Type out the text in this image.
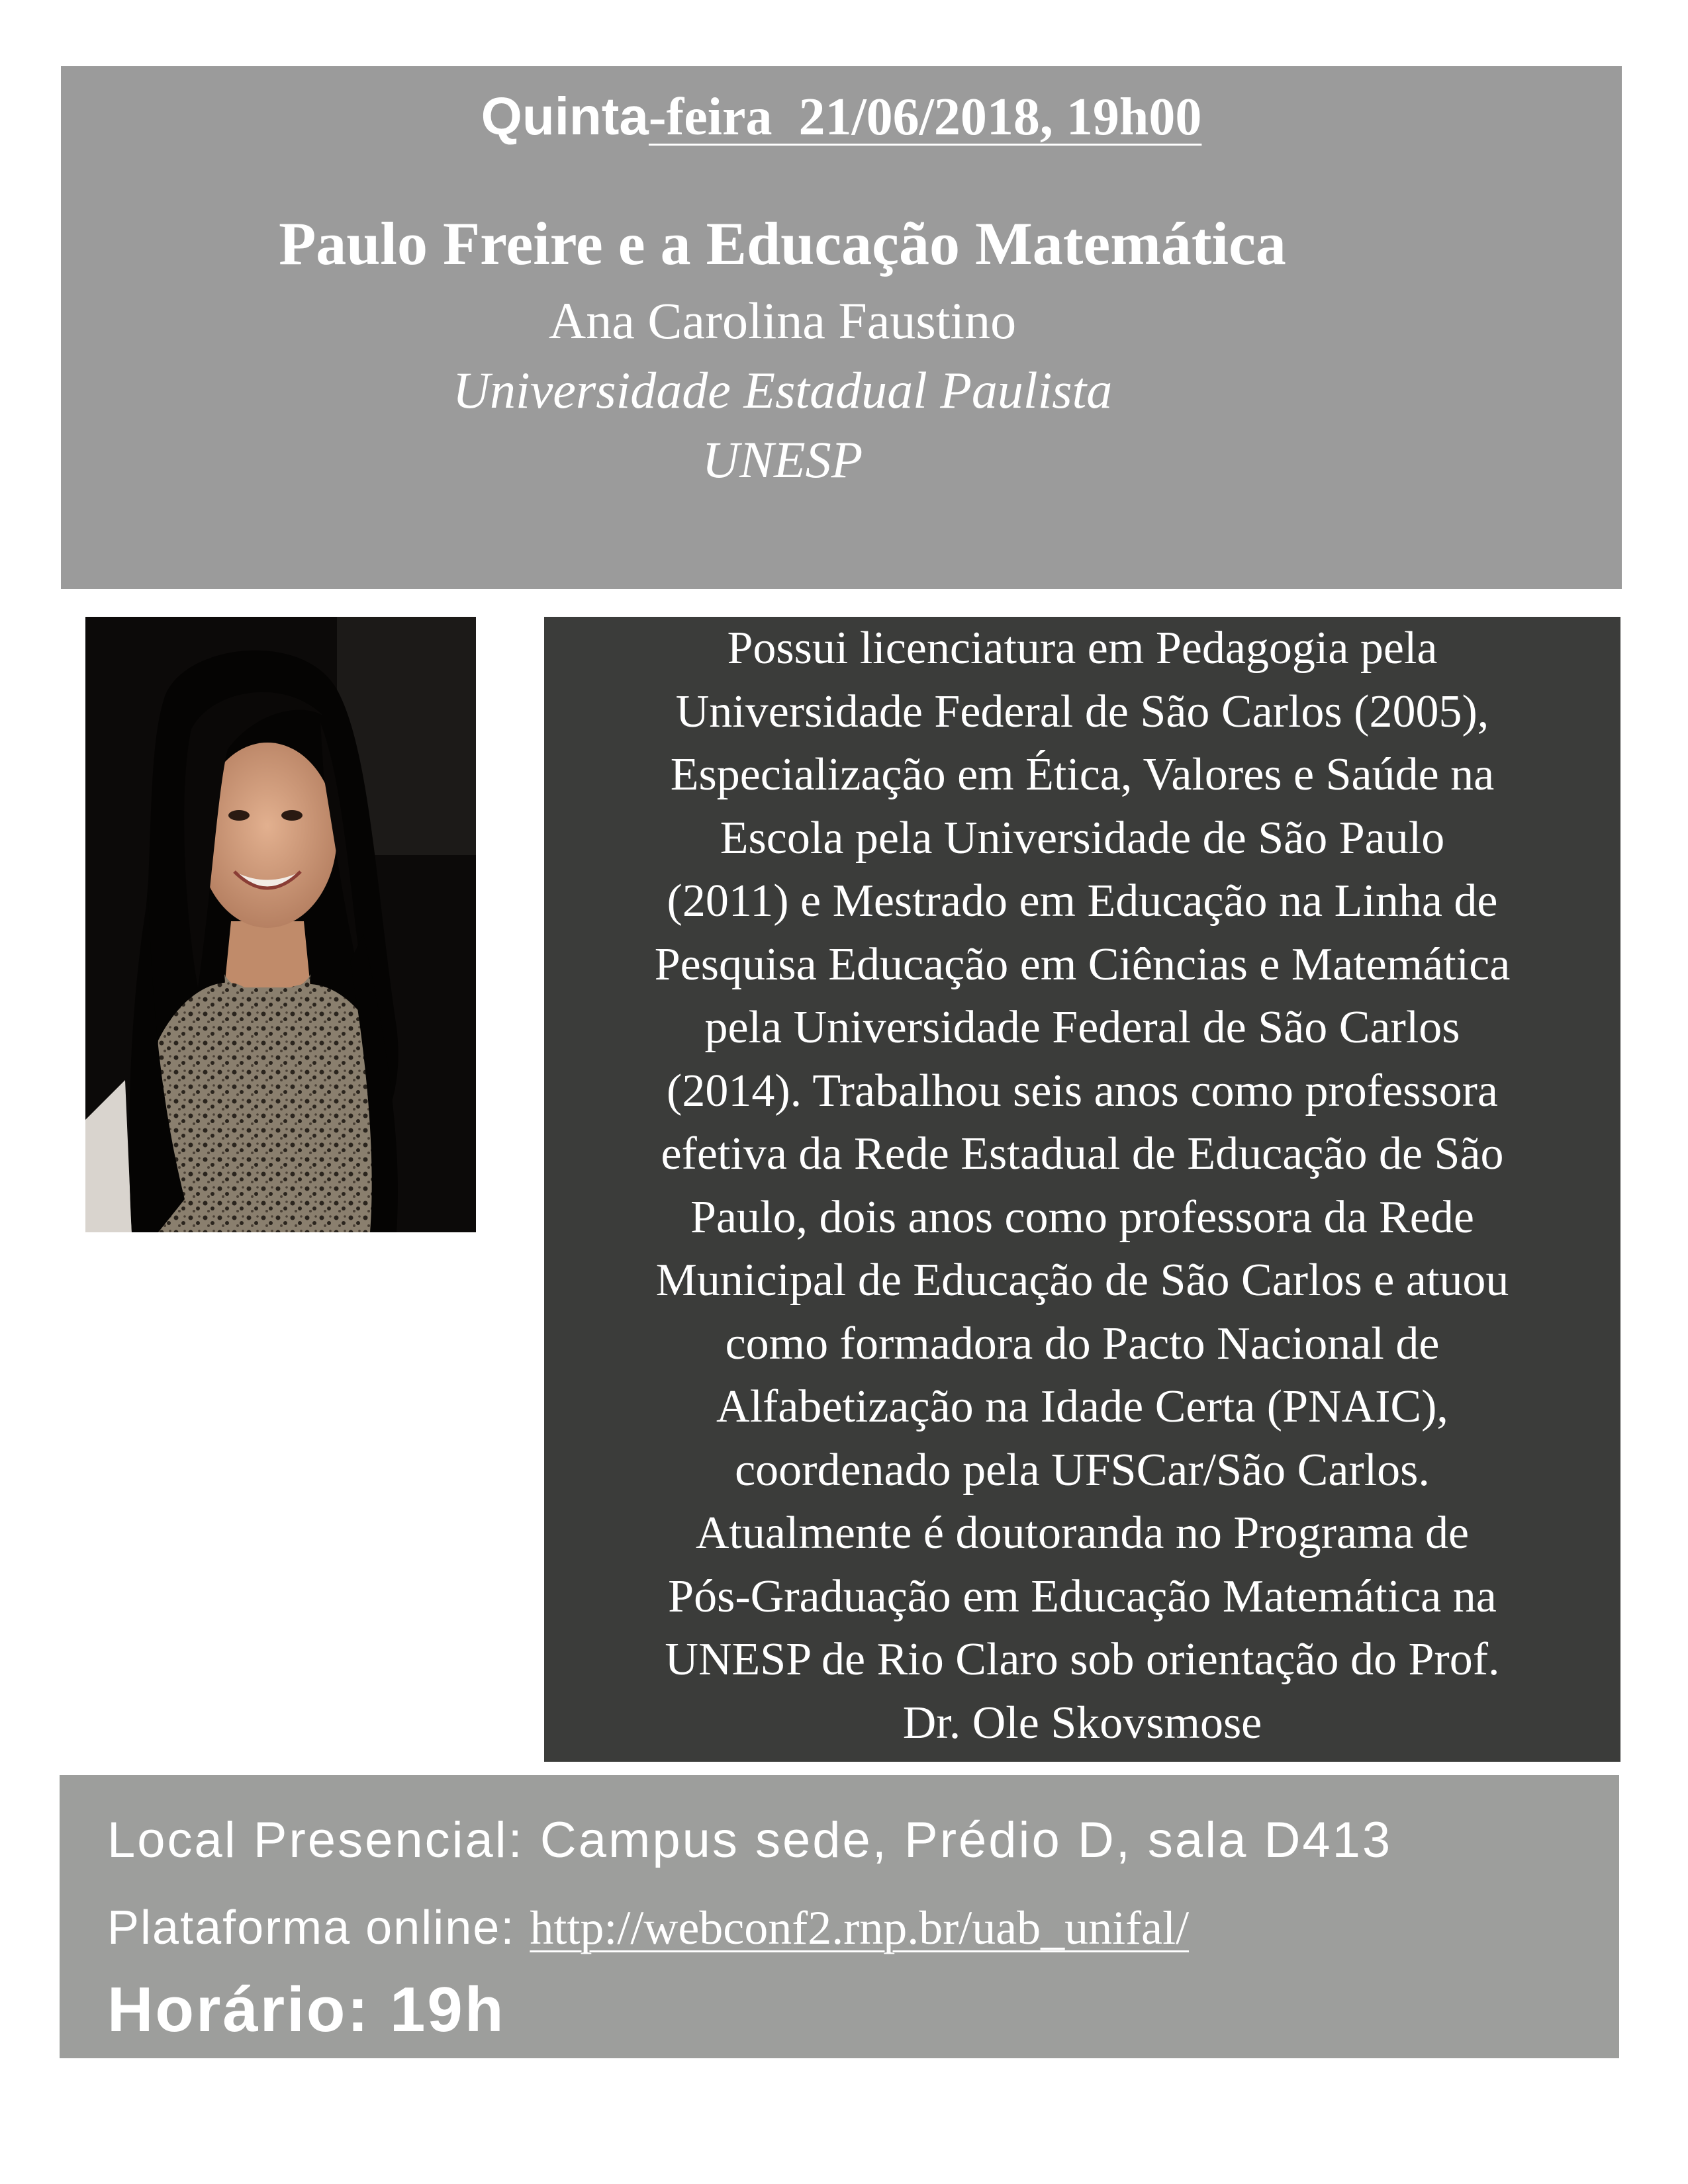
Quinta-feira  21/06/2018, 19h00
Paulo Freire e a Educação Matemática
Ana Carolina Faustino
Universidade Estadual Paulista
UNESP
Possui licenciatura em Pedagogia pela
Universidade Federal de São Carlos (2005),
Especialização em Ética, Valores e Saúde na
Escola pela Universidade de São Paulo
(2011) e Mestrado em Educação na Linha de
Pesquisa Educação em Ciências e Matemática
pela Universidade Federal de São Carlos
(2014). Trabalhou seis anos como professora
efetiva da Rede Estadual de Educação de São
Paulo, dois anos como professora da Rede
Municipal de Educação de São Carlos e atuou
como formadora do Pacto Nacional de
Alfabetização na Idade Certa (PNAIC),
coordenado pela UFSCar/São Carlos.
Atualmente é doutoranda no Programa de
Pós-Graduação em Educação Matemática na
UNESP de Rio Claro sob orientação do Prof.
Dr. Ole Skovsmose
Local Presencial: Campus sede, Prédio D, sala D413
Plataforma online: http://webconf2.rnp.br/uab_unifal/
Horário: 19h
